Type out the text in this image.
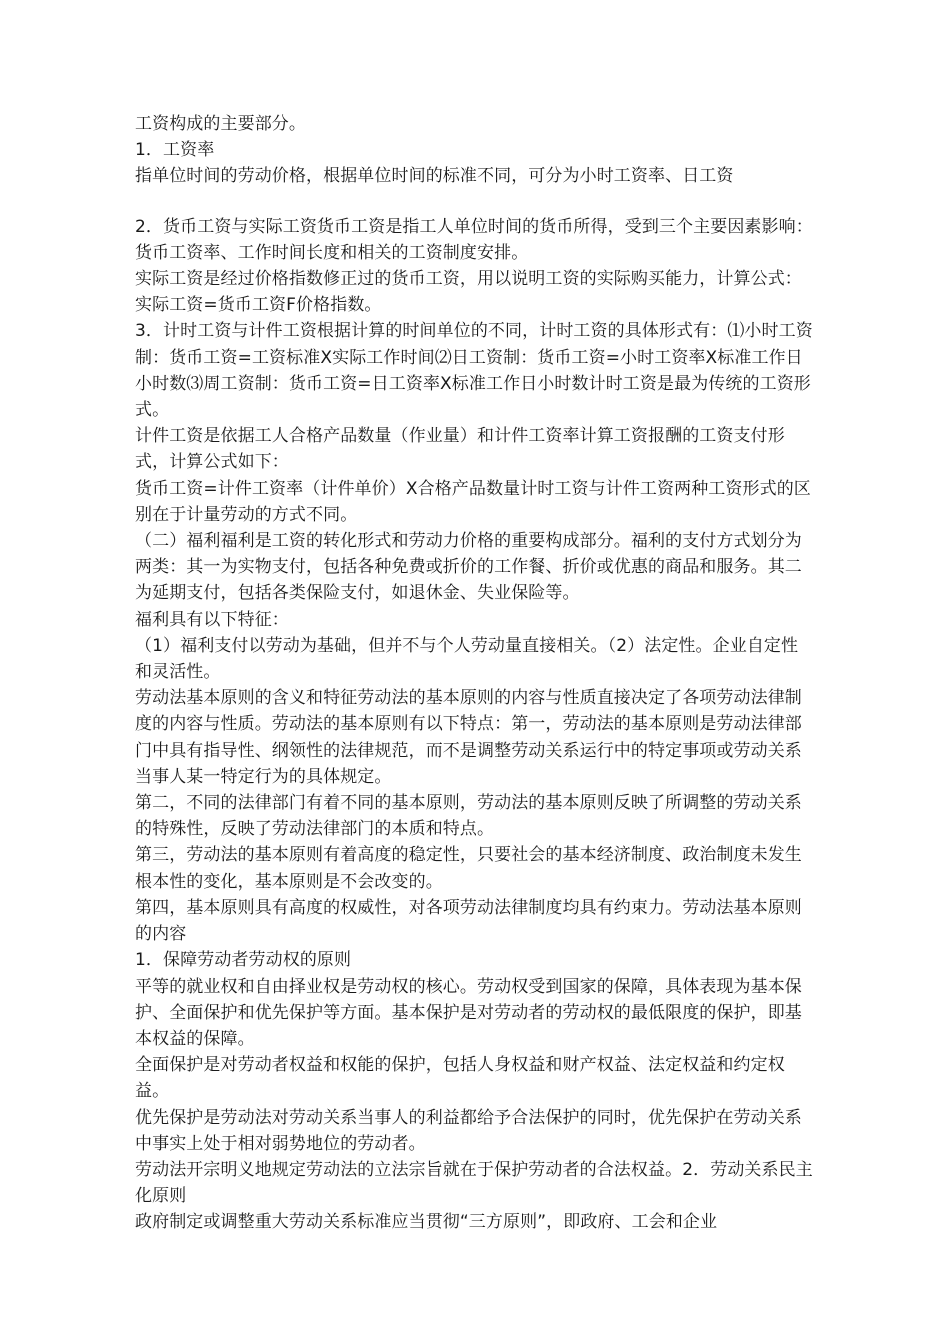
工资构成的主要部分。

1．工资率

指单位时间的劳动价格，根据单位时间的标准不同，可分为小时工资率、日工资

2．货币工资与实际工资货币工资是指工人单位时间的货币所得，受到三个主要因素影响：货币工资率、工作时间长度和相关的工资制度安排。

实际工资是经过价格指数修正过的货币工资，用以说明工资的实际购买能力，计算公式：实际工资=货币工资F价格指数。

3．计时工资与计件工资根据计算的时间单位的不同，计时工资的具体形式有：⑴小时工资制：货币工资=工资标准X实际工作时间⑵日工资制：货币工资=小时工资率X标准工作日小时数⑶周工资制：货币工资=日工资率X标准工作日小时数计时工资是最为传统的工资形式。

计件工资是依据工人合格产品数量（作业量）和计件工资率计算工资报酬的工资支付形式，计算公式如下：

货币工资=计件工资率（计件单价）X合格产品数量计时工资与计件工资两种工资形式的区别在于计量劳动的方式不同。

（二）福利福利是工资的转化形式和劳动力价格的重要构成部分。福利的支付方式划分为两类：其一为实物支付，包括各种免费或折价的工作餐、折价或优惠的商品和服务。其二为延期支付，包括各类保险支付，如退休金、失业保险等。

福利具有以下特征：

（1）福利支付以劳动为基础，但并不与个人劳动量直接相关。（2）法定性。企业自定性和灵活性。

劳动法基本原则的含义和特征劳动法的基本原则的内容与性质直接决定了各项劳动法律制度的内容与性质。劳动法的基本原则有以下特点：第一，劳动法的基本原则是劳动法律部门中具有指导性、纲领性的法律规范，而不是调整劳动关系运行中的特定事项或劳动关系当事人某一特定行为的具体规定。

第二，不同的法律部门有着不同的基本原则，劳动法的基本原则反映了所调整的劳动关系的特殊性，反映了劳动法律部门的本质和特点。

第三，劳动法的基本原则有着高度的稳定性，只要社会的基本经济制度、政治制度未发生根本性的变化，基本原则是不会改变的。

第四，基本原则具有高度的权威性，对各项劳动法律制度均具有约束力。劳动法基本原则的内容

1．保障劳动者劳动权的原则

平等的就业权和自由择业权是劳动权的核心。劳动权受到国家的保障，具体表现为基本保护、全面保护和优先保护等方面。基本保护是对劳动者的劳动权的最低限度的保护，即基本权益的保障。

全面保护是对劳动者权益和权能的保护，包括人身权益和财产权益、法定权益和约定权益。

优先保护是劳动法对劳动关系当事人的利益都给予合法保护的同时，优先保护在劳动关系中事实上处于相对弱势地位的劳动者。

劳动法开宗明义地规定劳动法的立法宗旨就在于保护劳动者的合法权益。2．劳动关系民主化原则

政府制定或调整重大劳动关系标准应当贯彻“三方原则”，即政府、工会和企业
